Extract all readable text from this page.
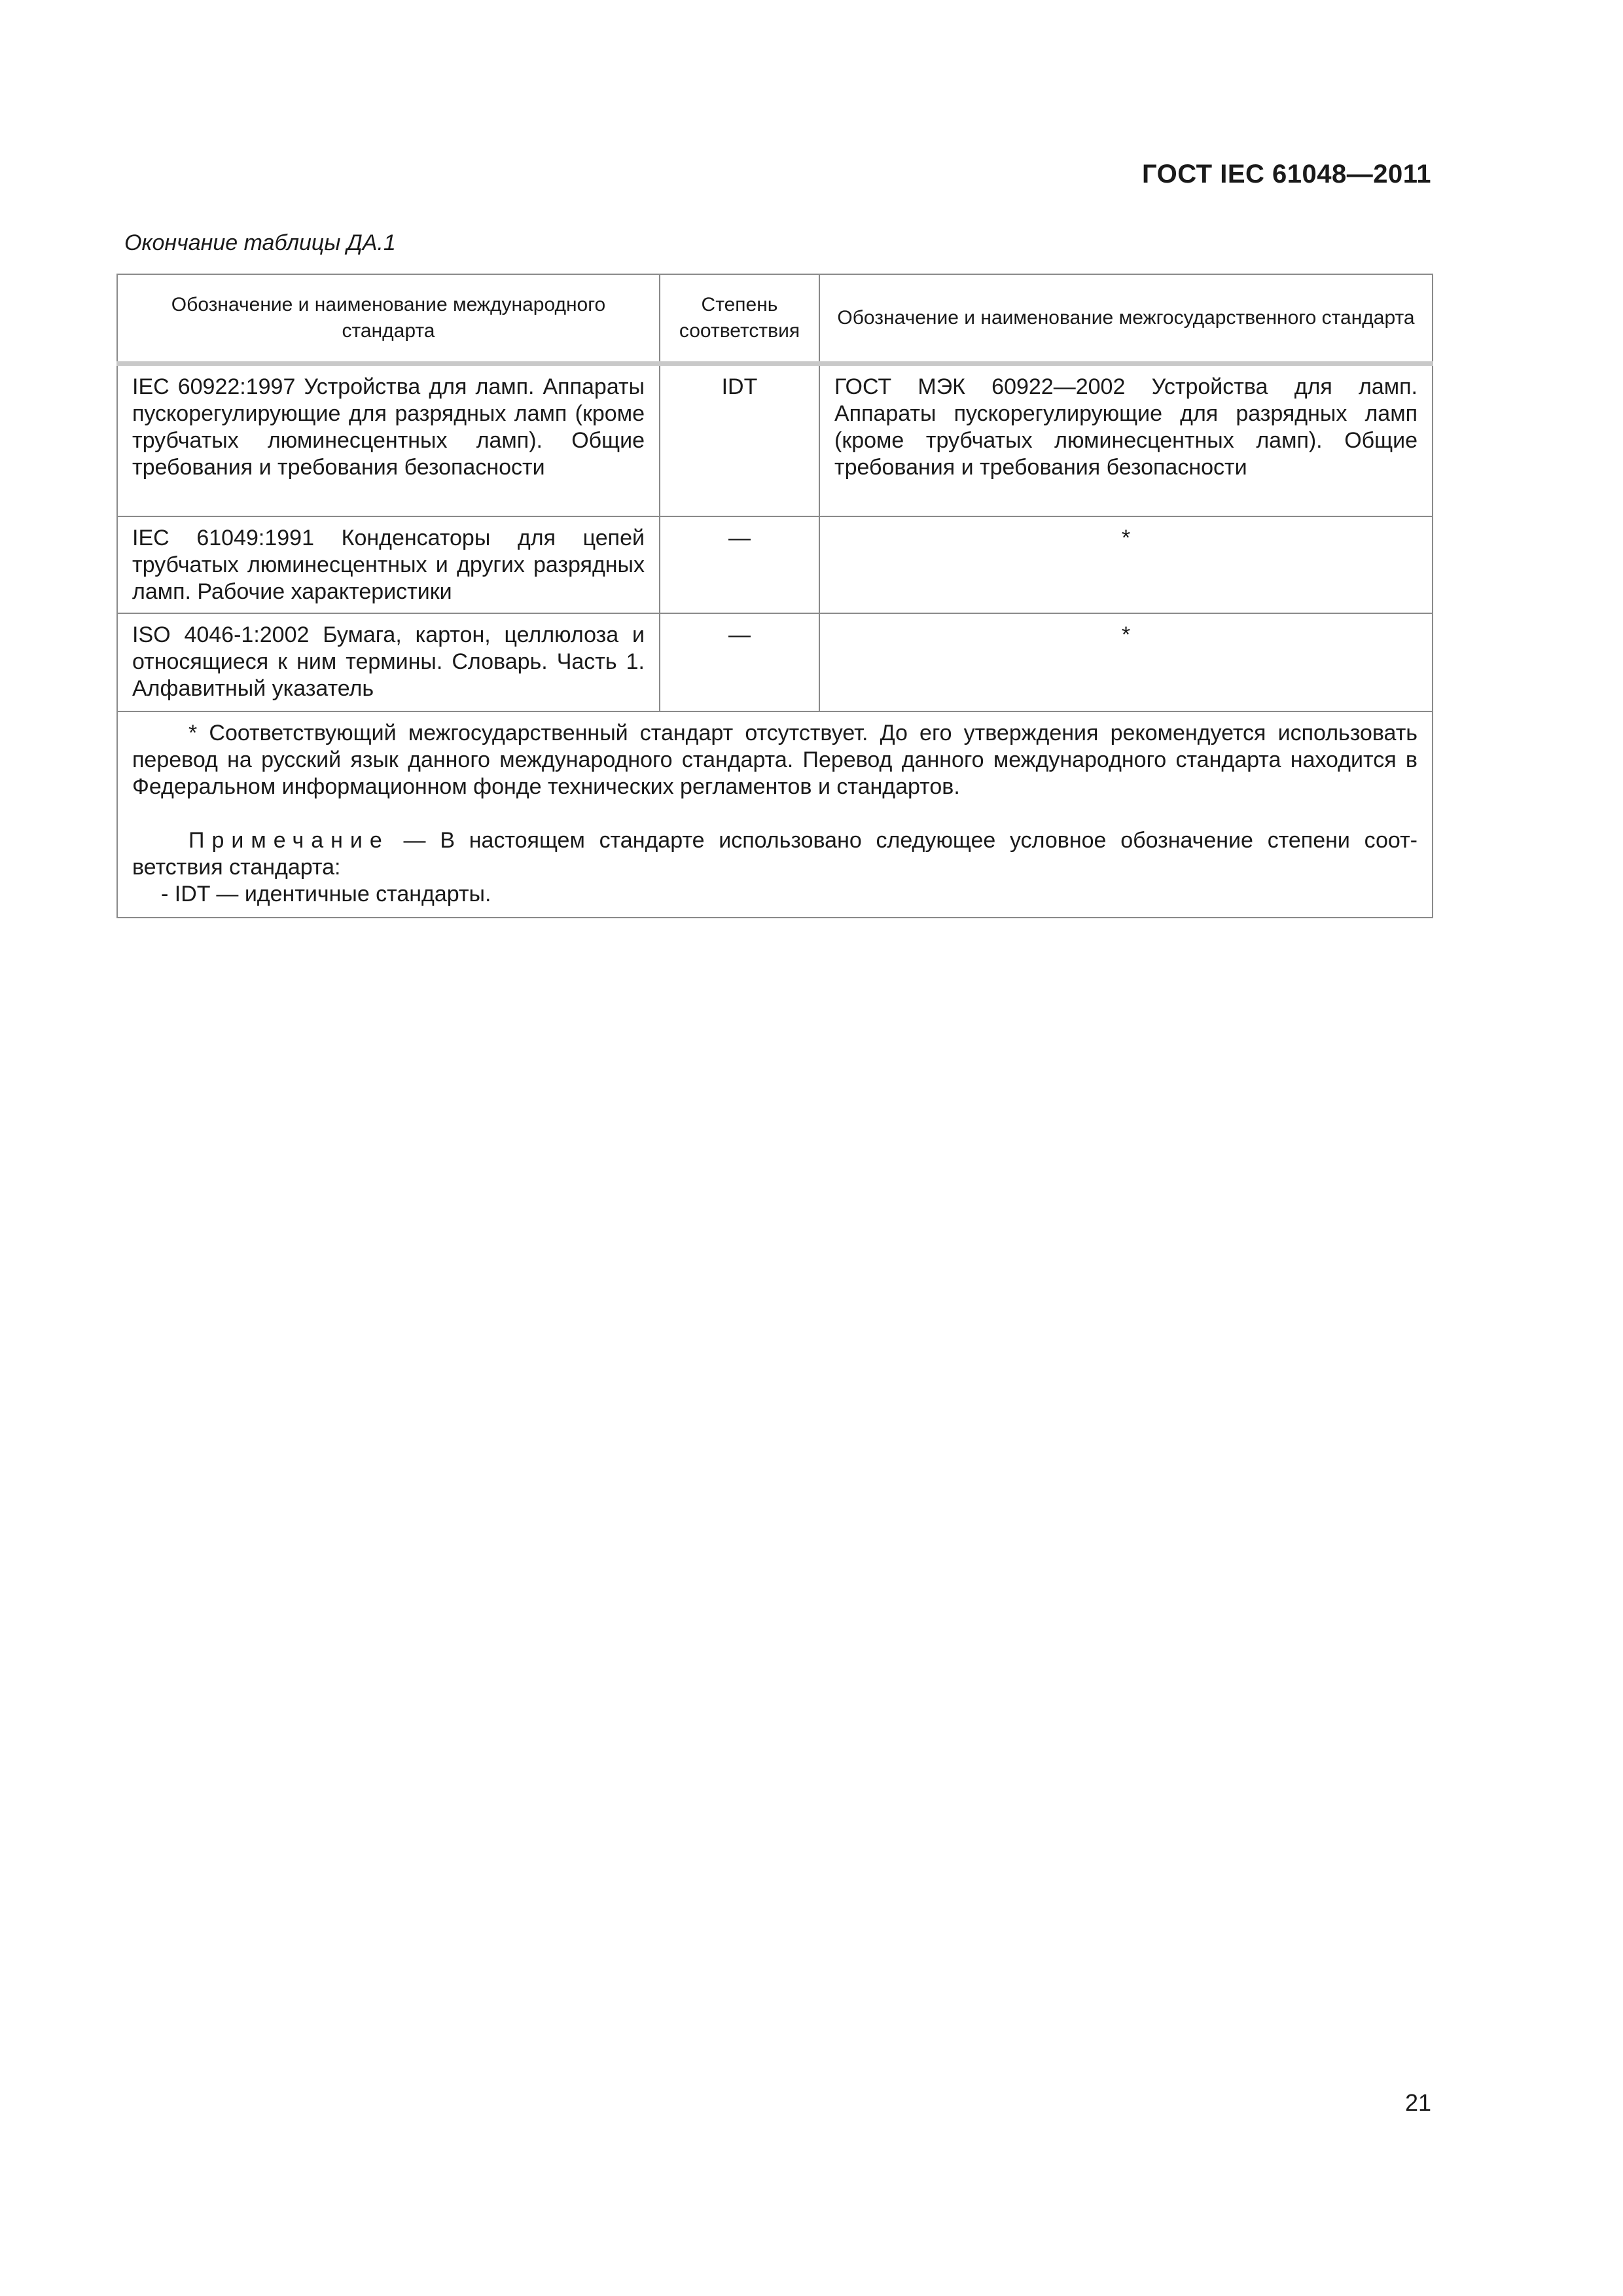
ГОСТ IEC 61048—2011
Окончание таблицы ДА.1
Обозначение и наименование международного стандарта	Степень соответствия	Обозначение и наименование межгосударственного стандарта
IEC 60922:1997 Устройства для ламп. Аппараты пускорегулирующие для разрядных ламп (кроме трубчатых люминесцентных ламп). Общие требования и требования безопасности	IDT	ГОСТ МЭК 60922—2002 Устройства для ламп. Аппараты пускорегулирующие для разрядных ламп (кроме трубчатых люминесцентных ламп). Общие требования и требования безопасности
IEC 61049:1991 Конденсаторы для цепей трубчатых люминесцентных и других разрядных ламп. Рабочие характеристики	—	*
ISO 4046-1:2002 Бумага, картон, целлюлоза и относящиеся к ним термины. Словарь. Часть 1. Алфавитный указатель	—	*

* Соответствующий межгосударственный стандарт отсутствует. До его утверждения рекомендуется использовать перевод на русский язык данного международного стандарта. Перевод данного международного стандарта находится в Федеральном информационном фонде технических регламентов и стандартов.

Примечание — В настоящем стандарте использовано следующее условное обозначение степени соответствия стандарта:

- IDT — идентичные стандарты.		

21
